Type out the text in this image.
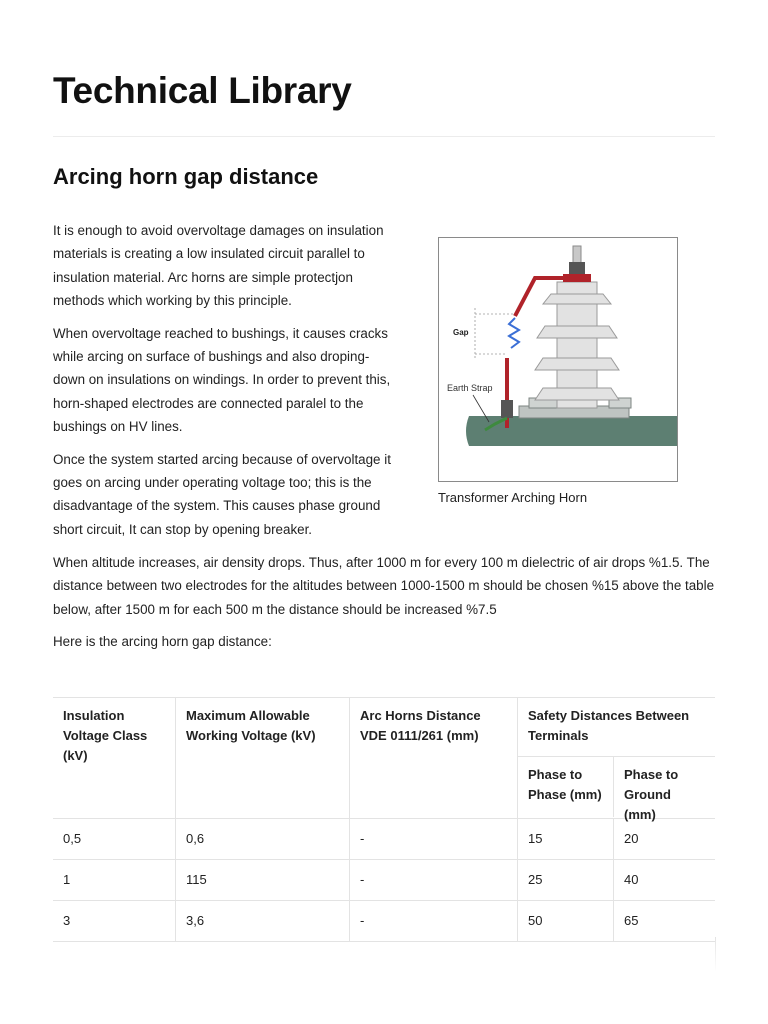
Technical Library
Arcing horn gap distance

It is enough to avoid overvoltage damages on insulation materials is creating a low insulated circuit parallel to insulation material. Arc horns are simple protectjon methods which working by this principle.

When overvoltage reached to bushings, it causes cracks while arcing on surface of bushings and also droping-down on insulations on windings. In order to prevent this, horn-shaped electrodes are connected paralel to the bushings on HV lines.

Once the system started arcing because of overvoltage it goes on arcing under operating voltage too; this is the disadvantage of the system. This causes phase ground short circuit, It can stop by opening breaker.

Gap
Earth Strap
Transformer Arching Horn

When altitude increases, air density drops. Thus, after 1000 m for every 100 m dielectric of air drops %1.5. The distance between two electrodes for the altitudes between 1000-1500 m should be chosen %15 above the table below, after 1500 m for each 500 m the distance should be increased %7.5

Here is the arcing horn gap distance:

Insulation Voltage Class (kV)
Maximum Allowable Working Voltage (kV)
Arc Horns Distance VDE 0111/261 (mm)
Safety Distances Between Terminals
Phase to Phase (mm)
Phase to Ground (mm)
0,5	0,6	-	15	20
1	115	-	25	40
3	3,6	-	50	65
